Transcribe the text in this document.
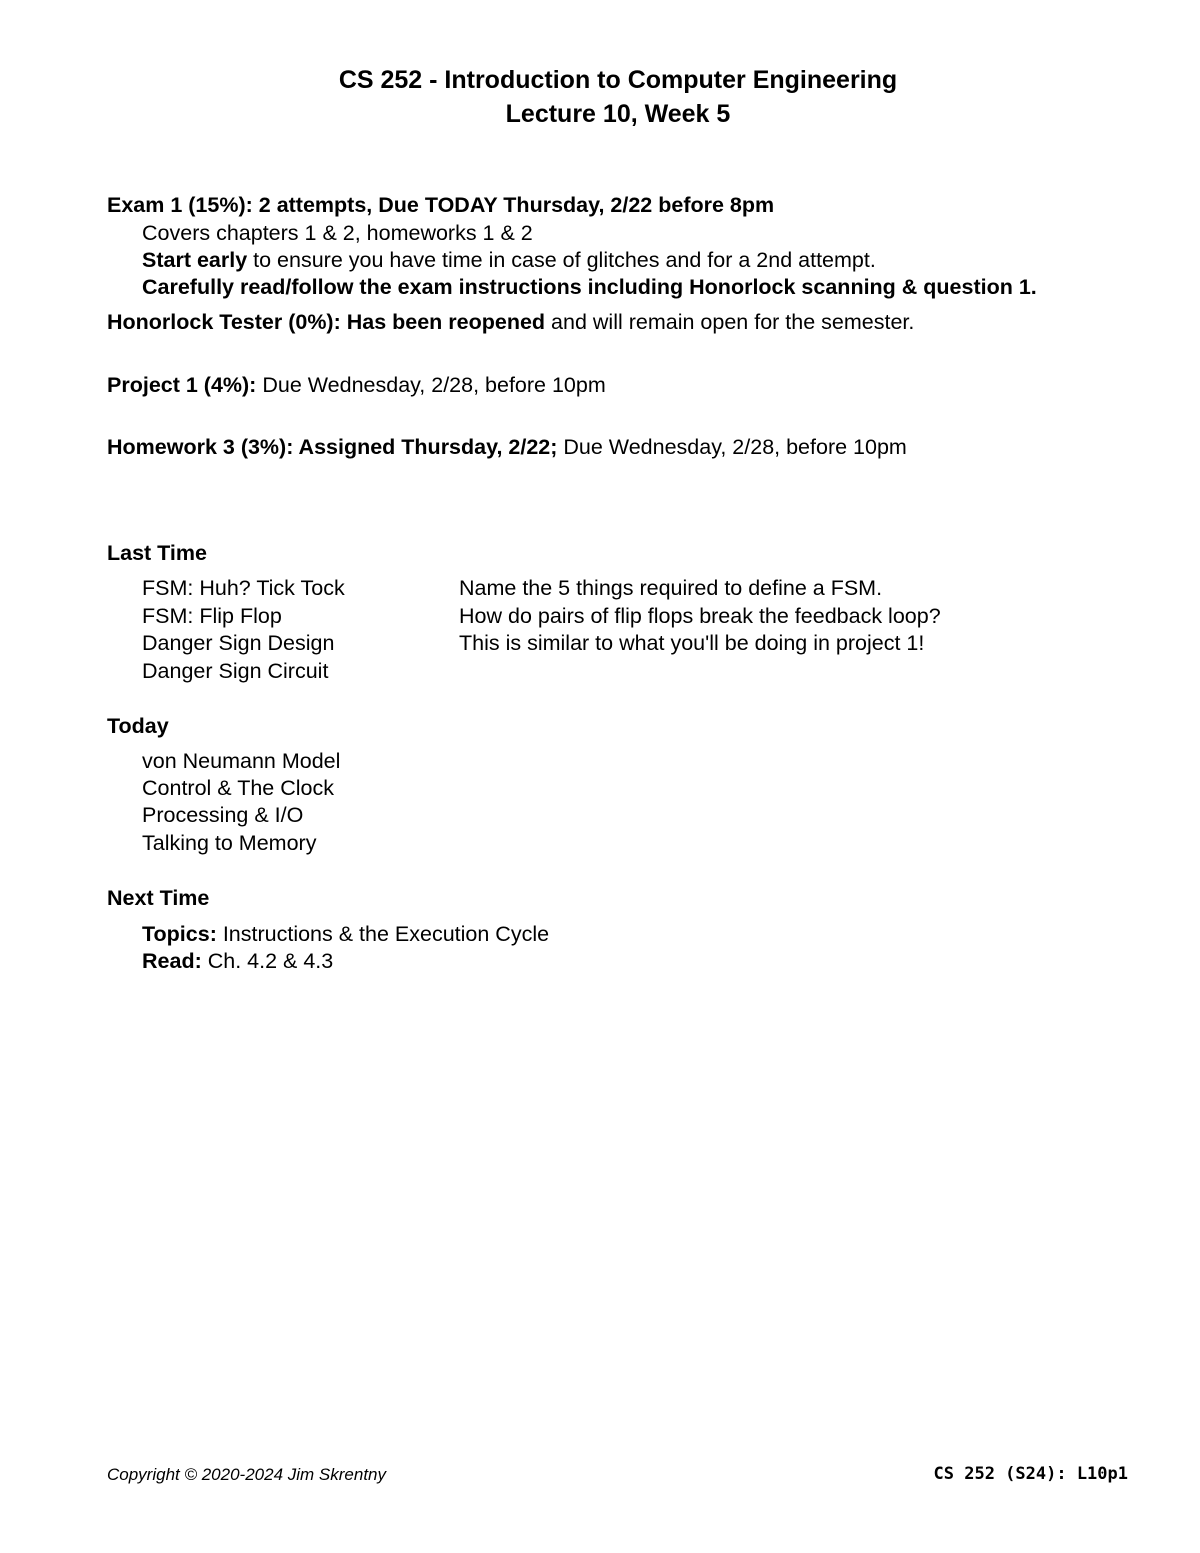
CS 252 - Introduction to Computer Engineering
Lecture 10, Week 5
Exam 1 (15%): 2 attempts, Due TODAY Thursday, 2/22 before 8pm
Covers chapters 1 & 2, homeworks 1 & 2
Start early to ensure you have time in case of glitches and for a 2nd attempt.
Carefully read/follow the exam instructions including Honorlock scanning & question 1.
Honorlock Tester (0%): Has been reopened and will remain open for the semester.
Project 1 (4%): Due Wednesday, 2/28, before 10pm
Homework 3 (3%): Assigned Thursday, 2/22; Due Wednesday, 2/28, before 10pm
Last Time
FSM: Huh? Tick Tock
FSM: Flip Flop
Danger Sign Design
Danger Sign Circuit
Name the 5 things required to define a FSM.
How do pairs of flip flops break the feedback loop?
This is similar to what you'll be doing in project 1!
Today
von Neumann Model
Control & The Clock
Processing & I/O
Talking to Memory
Next Time
Topics: Instructions & the Execution Cycle
Read: Ch. 4.2 & 4.3
Copyright © 2020-2024 Jim Skrentny	CS 252 (S24): L10p1
